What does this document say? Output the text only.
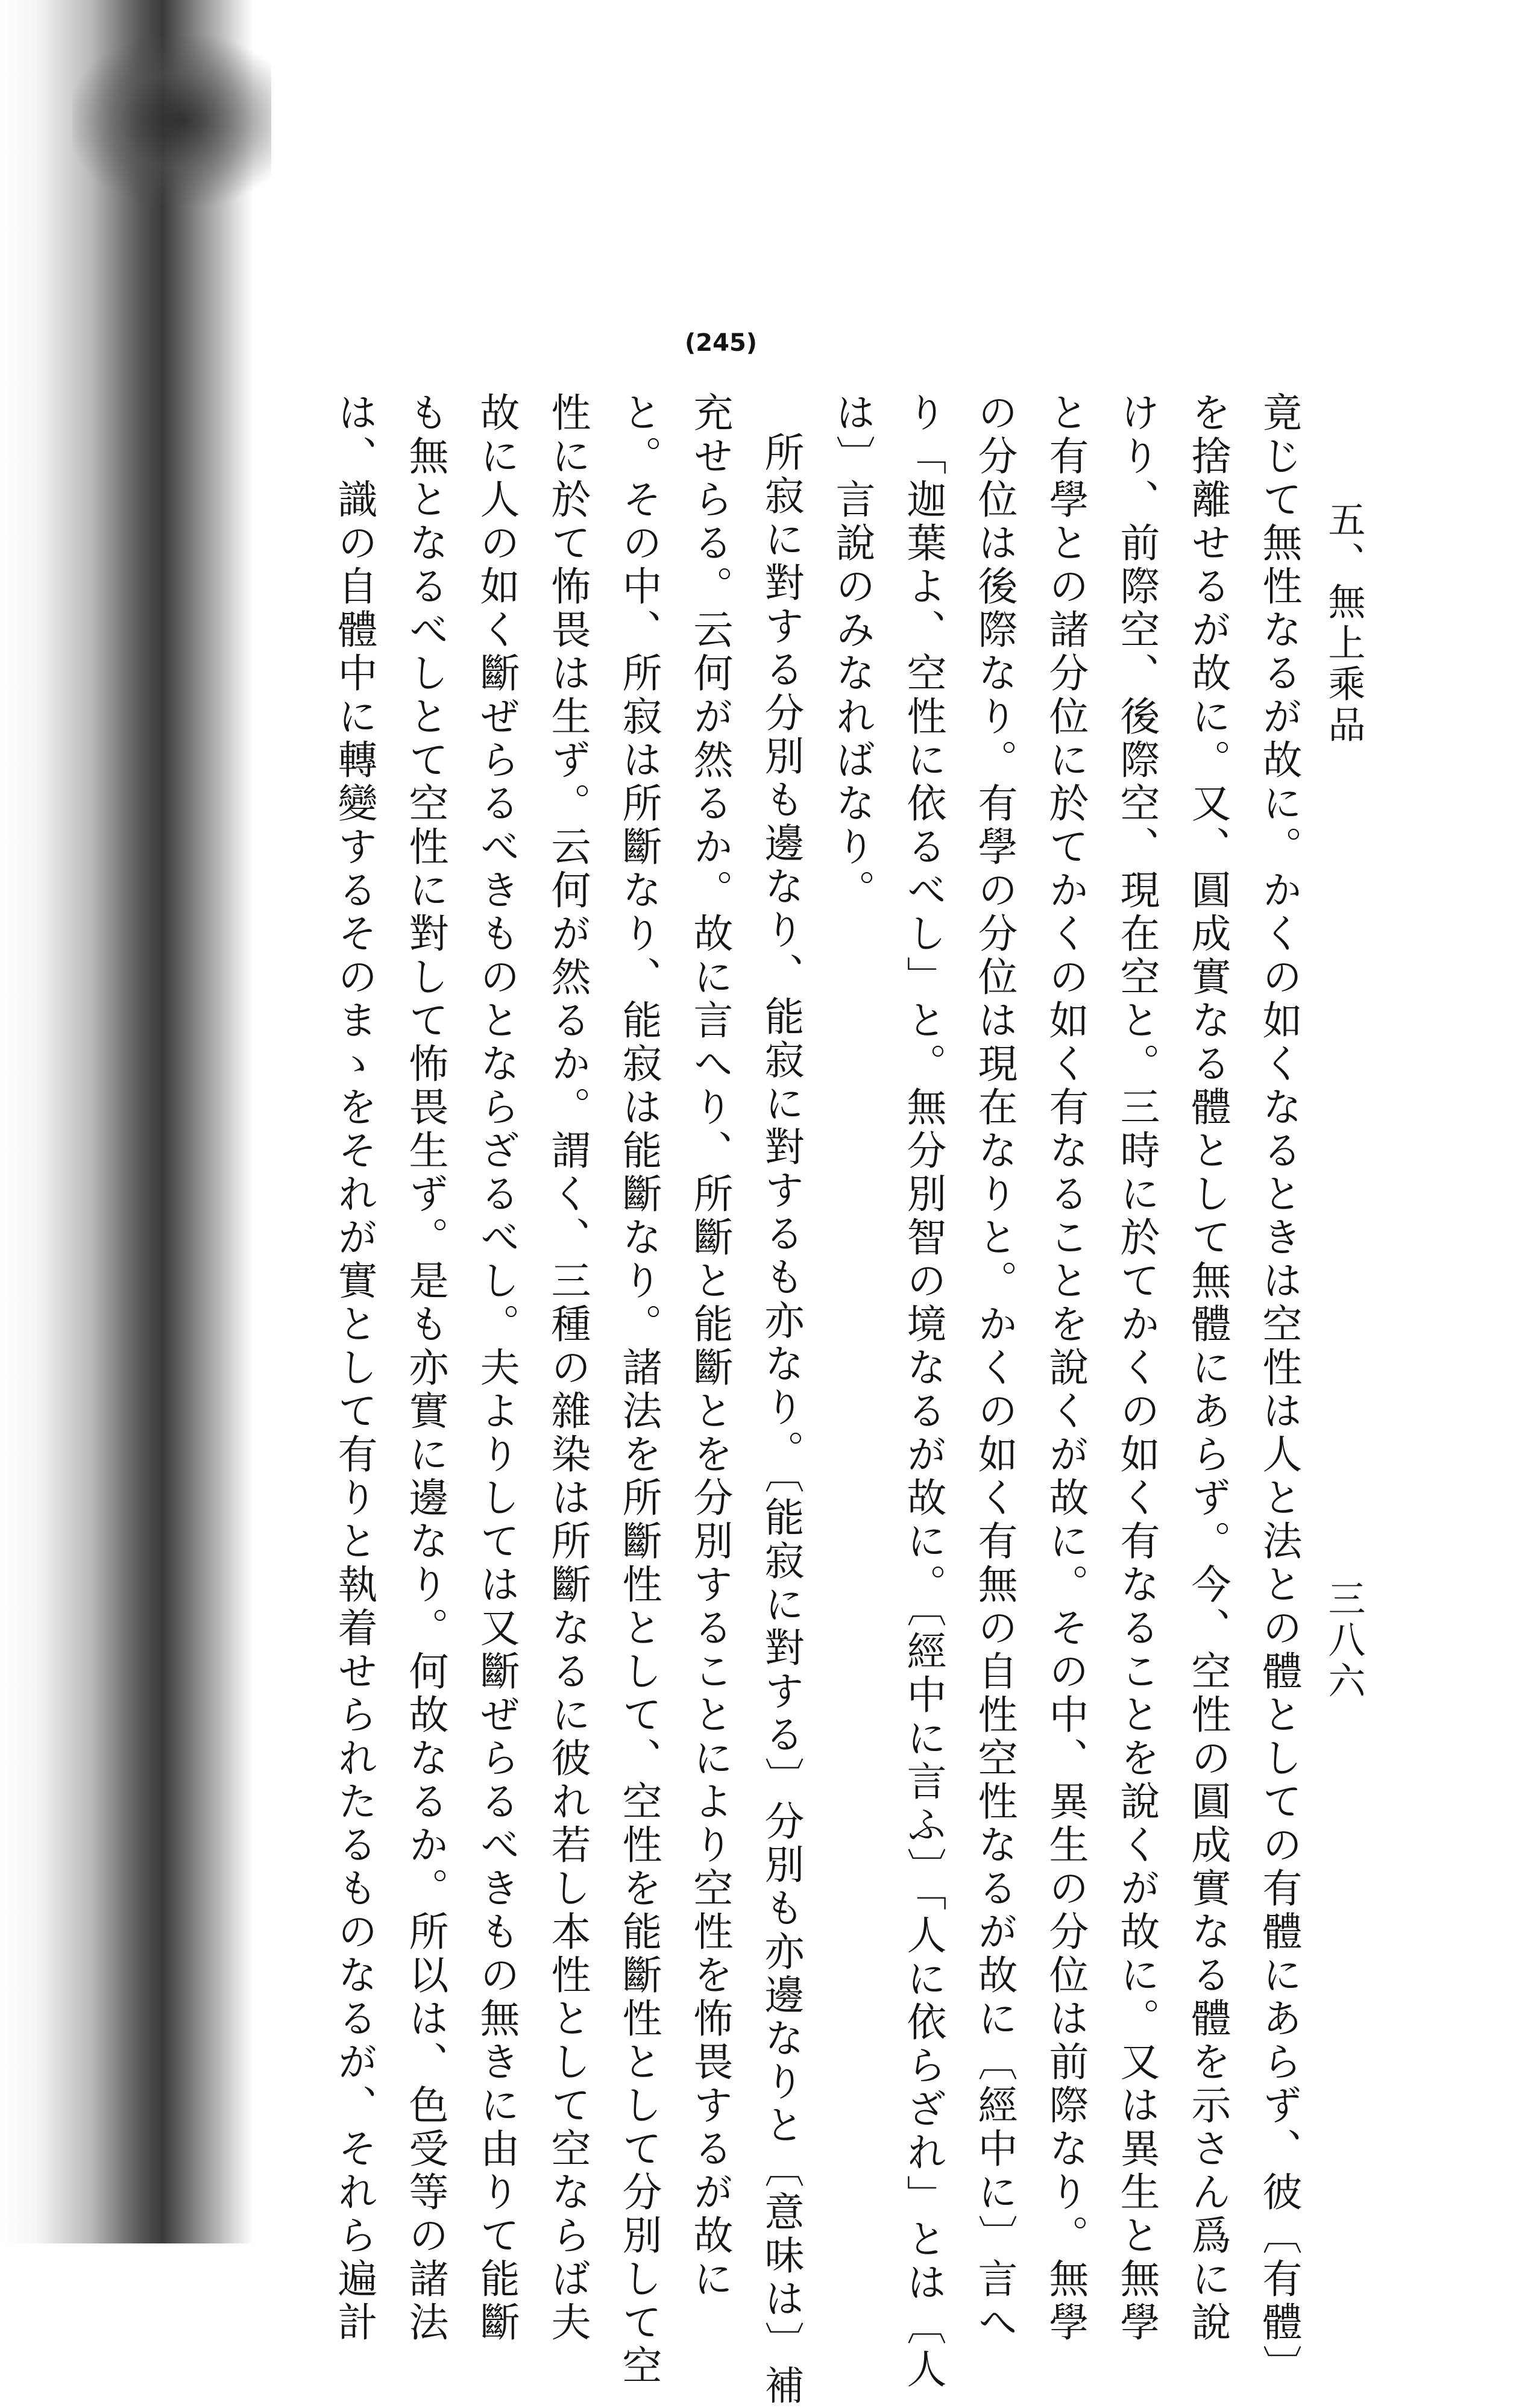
五、無上乘品
三八六
(245)
竟じて無性なるが故に。かくの如くなるときは空性は人と法との體としての有體にあらず、彼〔有體〕
を捨離せるが故に。又、圓成實なる體として無體にあらず。今、空性の圓成實なる體を示さん爲に說
けり、前際空、後際空、現在空と。三時に於てかくの如く有なることを說くが故に。又は異生と無學
と有學との諸分位に於てかくの如く有なることを說くが故に。その中、異生の分位は前際なり。無學
の分位は後際なり。有學の分位は現在なりと。かくの如く有無の自性空性なるが故に〔經中に〕言へ
り「迦葉よ、空性に依るべし」と。無分別智の境なるが故に。〔經中に言ふ〕「人に依らざれ」とは〔人
は〕言說のみなればなり。
所寂に對する分別も邊なり、能寂に對するも亦なり。〔能寂に對する〕分別も亦邊なりと〔意味は〕補
充せらる。云何が然るか。故に言へり、所斷と能斷とを分別することにより空性を怖畏するが故に
と。その中、所寂は所斷なり、能寂は能斷なり。諸法を所斷性として、空性を能斷性として分別して空
性に於て怖畏は生ず。云何が然るか。謂く、三種の雜染は所斷なるに彼れ若し本性として空ならば夫
故に人の如く斷ぜらるべきものとならざるべし。夫よりしては又斷ぜらるべきもの無きに由りて能斷
も無となるべしとて空性に對して怖畏生ず。是も亦實に邊なり。何故なるか。所以は、色受等の諸法
は、識の自體中に轉變するそのまゝをそれが實として有りと執着せられたるものなるが、それら遍計
